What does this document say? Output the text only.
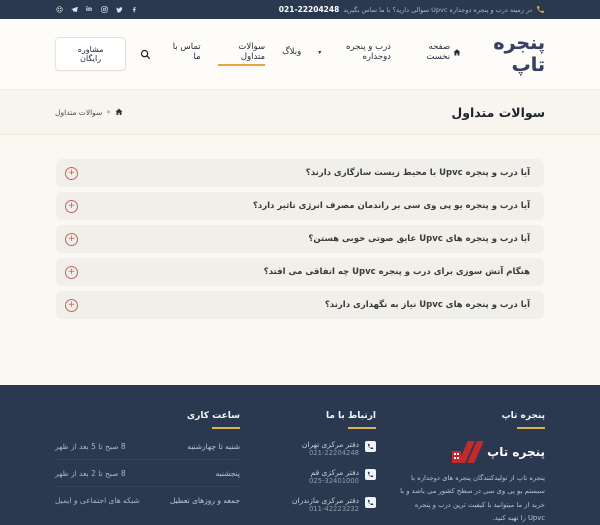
در زمینه درب و پنجره دوجداره Upvc سوالی دارید؟ با ما تماس بگیرید
021-22204248
in
پنجره تاپ
صفحه نخست
درب و پنجره دوجداره
▾
وبلاگ
سوالات متداول
تماس با ما
مشاوره رایگان
سوالات متداول
«
سوالات متداول
آیا درب و پنجره Upvc با محیط زیست سازگاری دارند؟
+
آیا درب و پنجره یو پی وی سی بر راندمان مصرف انرژی تاثیر دارد؟
+
آیا درب و پنجره های Upvc عایق صوتی خوبی هستن؟
+
هنگام آتش سوزی برای درب و پنجره Upvc چه اتفاقی می افتد؟
+
آیا درب و پنجره های Upvc نیاز به نگهداری دارند؟
+
پنجره تاپ
پنجره تاپ

پنجره تاپ از تولیدکنندگان پنجره های دوجداره با سیستم یو پی وی سی در سطح کشور می باشد و با خرید از ما میتوانید با کیفیت ترین درب و پنجره Upvc را تهیه کنید.

ارتباط با ما
دفتر مرکزی تهران
021-22204248
دفتر مرکزی قم
025-32401000
دفتر مرکزی مازندران
011-42223232
ساعت کاری
شنبه تا چهارشنبه
8 صبح تا 5 بعد از ظهر
پنجشنبه
8 صبح تا 2 بعد از ظهر
جمعه و روزهای تعطیل
شبکه های اجتماعی و ایمیل
